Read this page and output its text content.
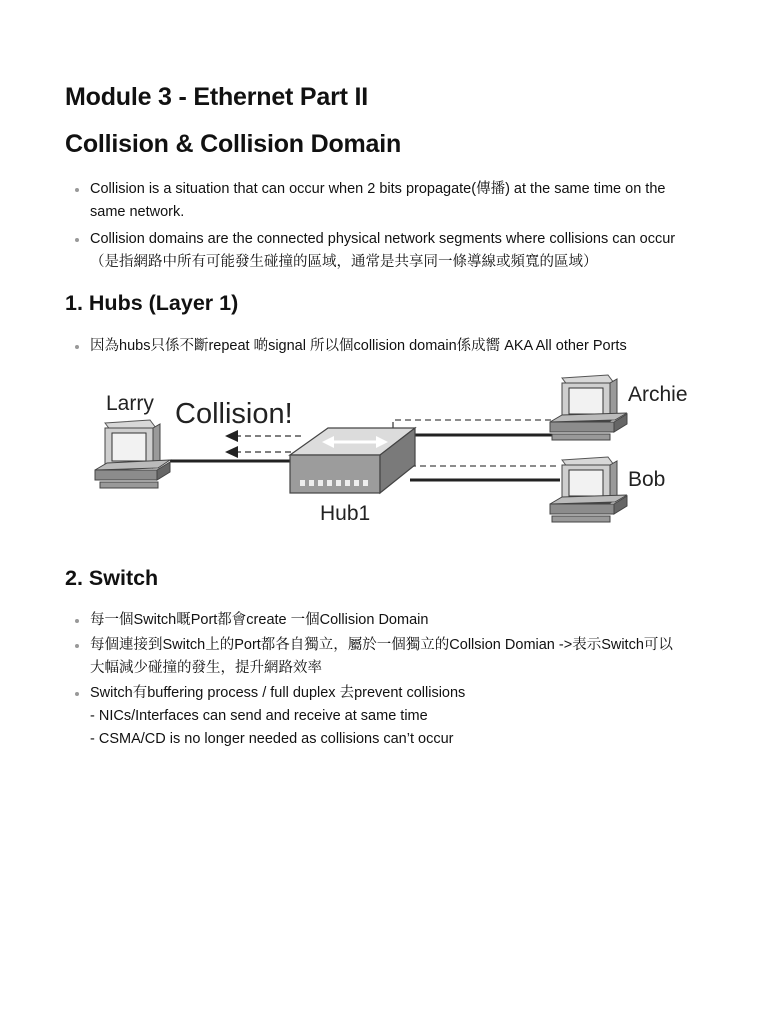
Module 3 - Ethernet Part II
Collision & Collision Domain
Collision is a situation that can occur when 2 bits propagate(傳播) at the same time on the
same network.
Collision domains are the connected physical network segments where collisions can occur
（是指網路中所有可能發生碰撞的區域，通常是共享同一條導線或頻寬的區域）
1. Hubs (Layer 1)
因為hubs只係不斷repeat 啲signal 所以個collision domain係成嚮 AKA All other Ports
Larry Collision!
Archie
Bob
Hub1
2. Switch
每一個Switch嘅Port都會create 一個Collision Domain
每個連接到Switch上的Port都各自獨立，屬於一個獨立的Collsion Domian ->表示Switch可以
大幅減少碰撞的發生，提升網路效率
Switch有buffering process / full duplex 去prevent collisions
- NICs/Interfaces can send and receive at same time
- CSMA/CD is no longer needed as collisions can’t occur
